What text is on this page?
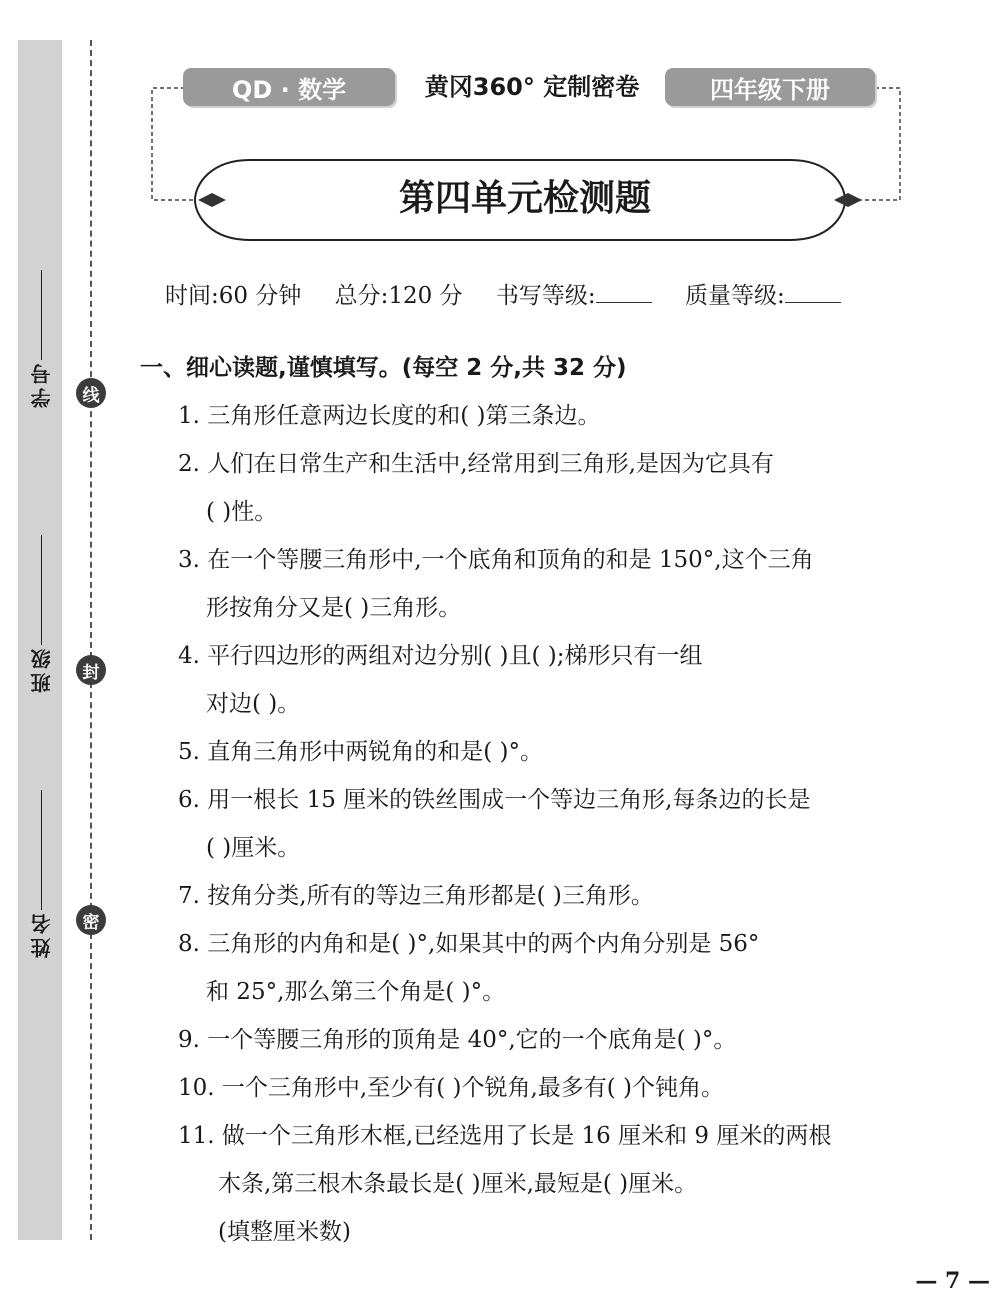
学号
班级
姓名
线
封
密
QD · 数学	黄冈360° 定制密卷	四年级下册
第四单元检测题
时间:60 分钟 总分:120 分 书写等级:	质量等级:
一、细心读题,谨慎填写。(每空 2 分,共 32 分)
1. 三角形任意两边长度的和( )第三条边。
2. 人们在日常生产和生活中,经常用到三角形,是因为它具有
( )性。
3. 在一个等腰三角形中,一个底角和顶角的和是 150°,这个三角
形按角分又是( )三角形。
4. 平行四边形的两组对边分别( )且( );梯形只有一组
对边( )。
5. 直角三角形中两锐角的和是( )°。
6. 用一根长 15 厘米的铁丝围成一个等边三角形,每条边的长是
( )厘米。
7. 按角分类,所有的等边三角形都是( )三角形。
8. 三角形的内角和是( )°,如果其中的两个内角分别是 56°
和 25°,那么第三个角是( )°。
9. 一个等腰三角形的顶角是 40°,它的一个底角是( )°。
10. 一个三角形中,至少有( )个锐角,最多有( )个钝角。
11. 做一个三角形木框,已经选用了长是 16 厘米和 9 厘米的两根
木条,第三根木条最长是( )厘米,最短是( )厘米。
(填整厘米数)
— 7 —
